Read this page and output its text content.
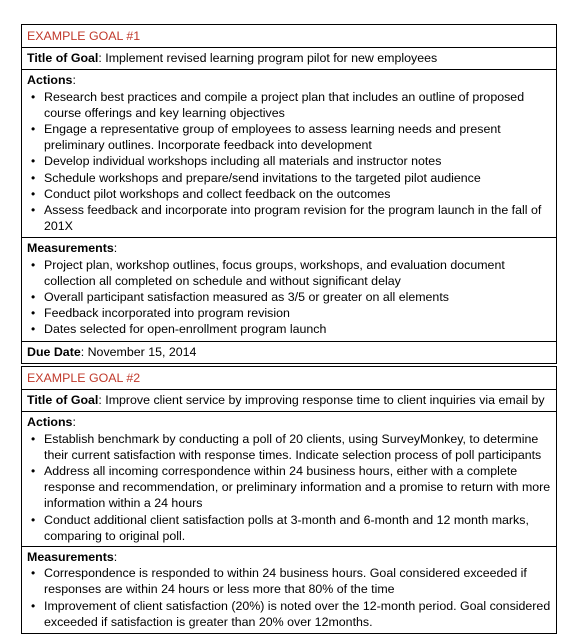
EXAMPLE GOAL #1
Title of Goal: Implement revised learning program pilot for new employees
Actions:
• Research best practices and compile a project plan that includes an outline of proposed course offerings and key learning objectives
• Engage a representative group of employees to assess learning needs and present preliminary outlines. Incorporate feedback into development
• Develop individual workshops including all materials and instructor notes
• Schedule workshops and prepare/send invitations to the targeted pilot audience
• Conduct pilot workshops and collect feedback on the outcomes
• Assess feedback and incorporate into program revision for the program launch in the fall of 201X
Measurements:
• Project plan, workshop outlines, focus groups, workshops, and evaluation document collection all completed on schedule and without significant delay
• Overall participant satisfaction measured as 3/5 or greater on all elements
• Feedback incorporated into program revision
• Dates selected for open-enrollment program launch
Due Date: November 15, 2014
EXAMPLE GOAL #2
Title of Goal: Improve client service by improving response time to client inquiries via email by
Actions:
• Establish benchmark by conducting a poll of 20 clients, using SurveyMonkey, to determine their current satisfaction with response times. Indicate selection process of poll participants
• Address all incoming correspondence within 24 business hours, either with a complete response and recommendation, or preliminary information and a promise to return with more information within a 24 hours
• Conduct additional client satisfaction polls at 3-month and 6-month and 12 month marks, comparing to original poll.
Measurements:
• Correspondence is responded to within 24 business hours. Goal considered exceeded if responses are within 24 hours or less more that 80% of the time
• Improvement of client satisfaction (20%) is noted over the 12-month period. Goal considered exceeded if satisfaction is greater than 20% over 12months.
